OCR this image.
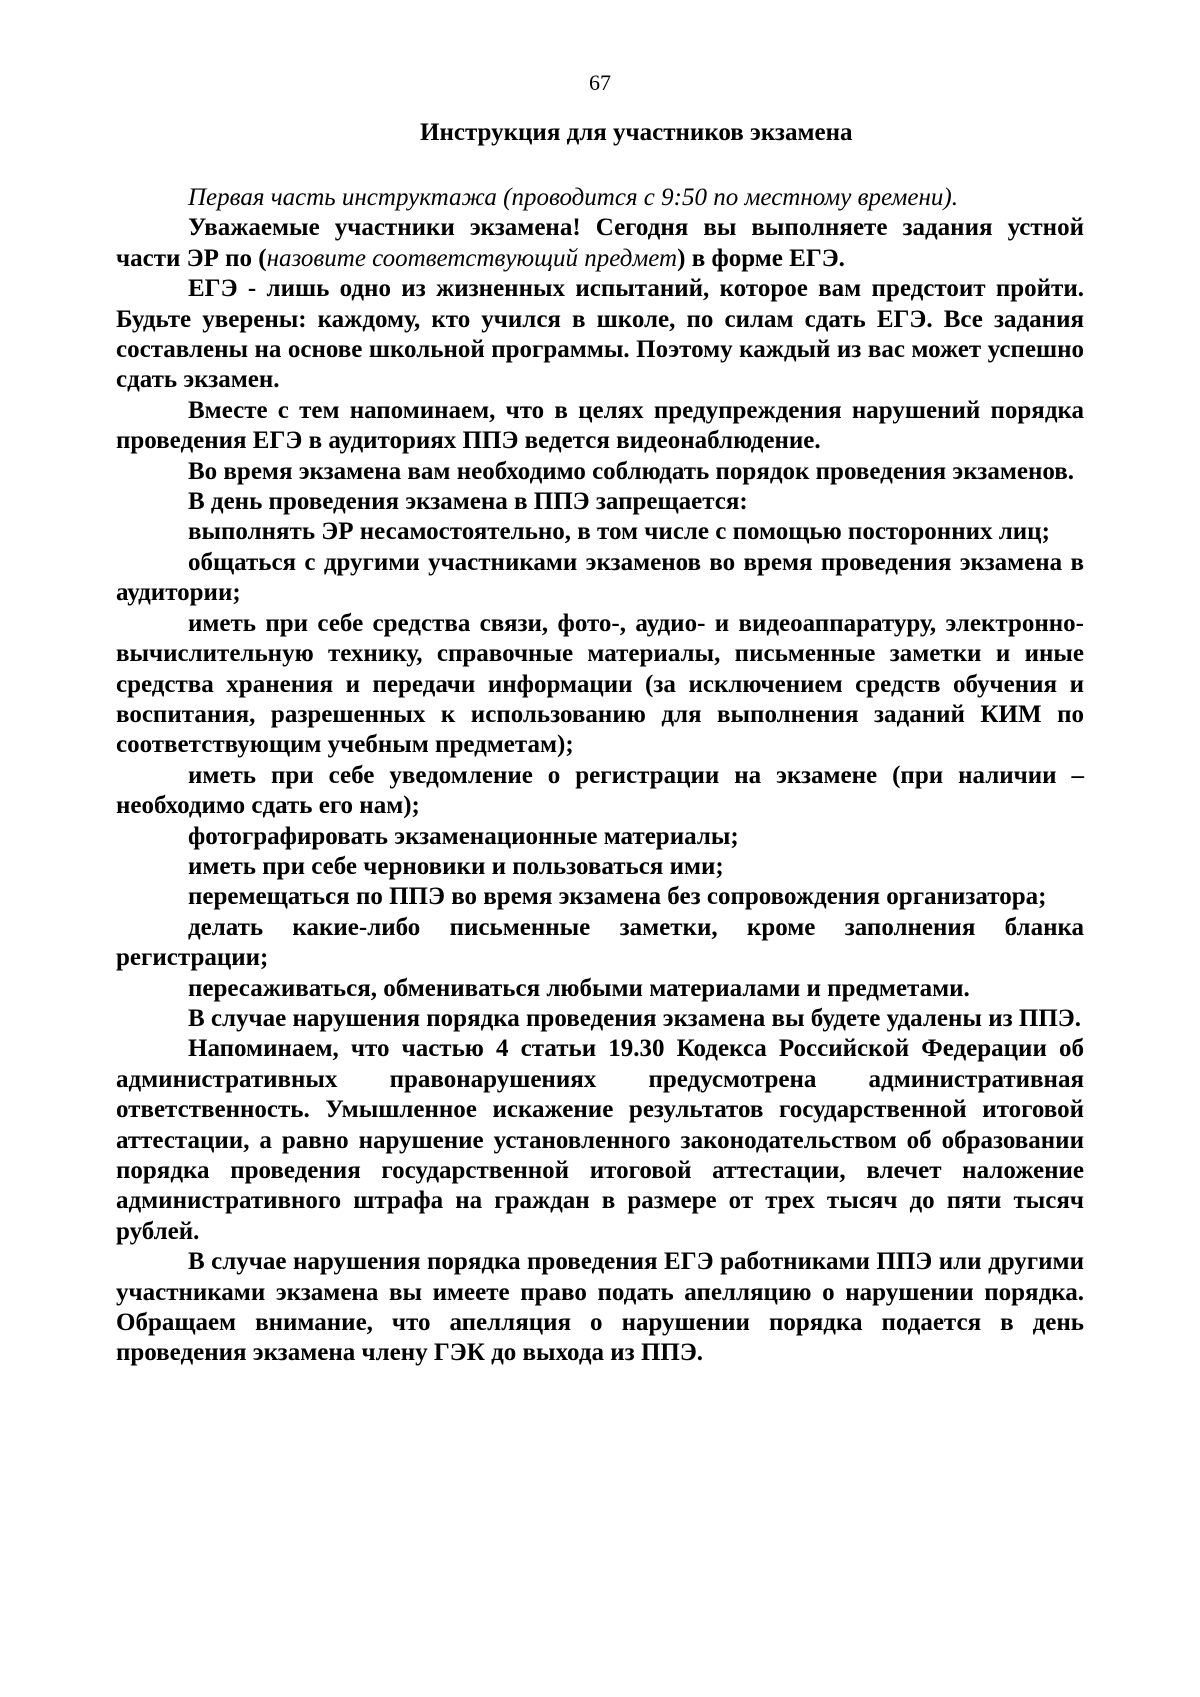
67
Инструкция для участников экзамена

Первая часть инструктажа (проводится с 9:50 по местному времени).

Уважаемые участники экзамена! Сегодня вы выполняете задания устной части ЭР по (назовите соответствующий предмет) в форме ЕГЭ.

ЕГЭ - лишь одно из жизненных испытаний, которое вам предстоит пройти. Будьте уверены: каждому, кто учился в школе, по силам сдать ЕГЭ. Все задания составлены на основе школьной программы. Поэтому каждый из вас может успешно сдать экзамен.

Вместе с тем напоминаем, что в целях предупреждения нарушений порядка проведения ЕГЭ в аудиториях ППЭ ведется видеонаблюдение.

Во время экзамена вам необходимо соблюдать порядок проведения экзаменов.

В день проведения экзамена в ППЭ запрещается:

выполнять ЭР несамостоятельно, в том числе с помощью посторонних лиц;

общаться с другими участниками экзаменов во время проведения экзамена в аудитории;

иметь при себе средства связи, фото-, аудио- и видеоаппаратуру, электронно-вычислительную технику, справочные материалы, письменные заметки и иные средства хранения и передачи информации (за исключением средств обучения и воспитания, разрешенных к использованию для выполнения заданий КИМ по соответствующим учебным предметам);

иметь при себе уведомление о регистрации на экзамене (при наличии – необходимо сдать его нам);

фотографировать экзаменационные материалы;

иметь при себе черновики и пользоваться ими;

перемещаться по ППЭ во время экзамена без сопровождения организатора;

делать какие-либо письменные заметки, кроме заполнения бланка регистрации;

пересаживаться, обмениваться любыми материалами и предметами.

В случае нарушения порядка проведения экзамена вы будете удалены из ППЭ.

Напоминаем, что частью 4 статьи 19.30 Кодекса Российской Федерации об административных правонарушениях предусмотрена административная ответственность. Умышленное искажение результатов государственной итоговой аттестации, а равно нарушение установленного законодательством об образовании порядка проведения государственной итоговой аттестации, влечет наложение административного штрафа на граждан в размере от трех тысяч до пяти тысяч рублей.

В случае нарушения порядка проведения ЕГЭ работниками ППЭ или другими участниками экзамена вы имеете право подать апелляцию о нарушении порядка. Обращаем внимание, что апелляция о нарушении порядка подается в день проведения экзамена члену ГЭК до выхода из ППЭ.
